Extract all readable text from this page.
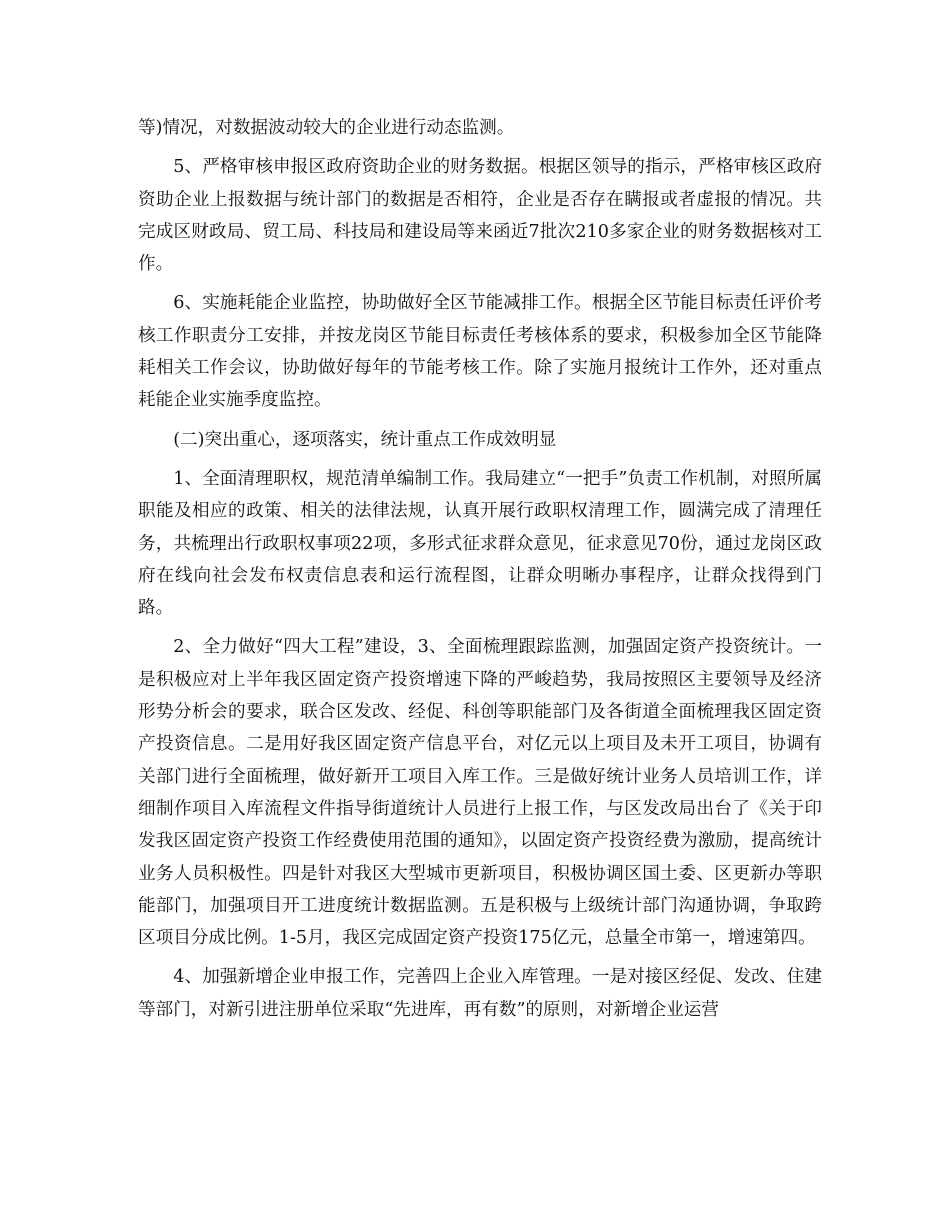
等)情况，对数据波动较大的企业进行动态监测。

5、严格审核申报区政府资助企业的财务数据。根据区领导的指示，严格审核区政府资助企业上报数据与统计部门的数据是否相符，企业是否存在瞒报或者虚报的情况。共完成区财政局、贸工局、科技局和建设局等来函近7批次210多家企业的财务数据核对工作。

6、实施耗能企业监控，协助做好全区节能减排工作。根据全区节能目标责任评价考核工作职责分工安排，并按龙岗区节能目标责任考核体系的要求，积极参加全区节能降耗相关工作会议，协助做好每年的节能考核工作。除了实施月报统计工作外，还对重点耗能企业实施季度监控。

(二)突出重心，逐项落实，统计重点工作成效明显

1、全面清理职权，规范清单编制工作。我局建立“一把手”负责工作机制，对照所属职能及相应的政策、相关的法律法规，认真开展行政职权清理工作，圆满完成了清理任务，共梳理出行政职权事项22项，多形式征求群众意见，征求意见70份，通过龙岗区政府在线向社会发布权责信息表和运行流程图，让群众明晰办事程序，让群众找得到门路。

2、全力做好“四大工程”建设，3、全面梳理跟踪监测，加强固定资产投资统计。一是积极应对上半年我区固定资产投资增速下降的严峻趋势，我局按照区主要领导及经济形势分析会的要求，联合区发改、经促、科创等职能部门及各街道全面梳理我区固定资产投资信息。二是用好我区固定资产信息平台，对亿元以上项目及未开工项目，协调有关部门进行全面梳理，做好新开工项目入库工作。三是做好统计业务人员培训工作，详细制作项目入库流程文件指导街道统计人员进行上报工作，与区发改局出台了《关于印发我区固定资产投资工作经费使用范围的通知》，以固定资产投资经费为激励，提高统计业务人员积极性。四是针对我区大型城市更新项目，积极协调区国土委、区更新办等职能部门，加强项目开工进度统计数据监测。五是积极与上级统计部门沟通协调，争取跨区项目分成比例。1-5月，我区完成固定资产投资175亿元，总量全市第一，增速第四。

4、加强新增企业申报工作，完善四上企业入库管理。一是对接区经促、发改、住建等部门，对新引进注册单位采取“先进库，再有数”的原则，对新增企业运营
